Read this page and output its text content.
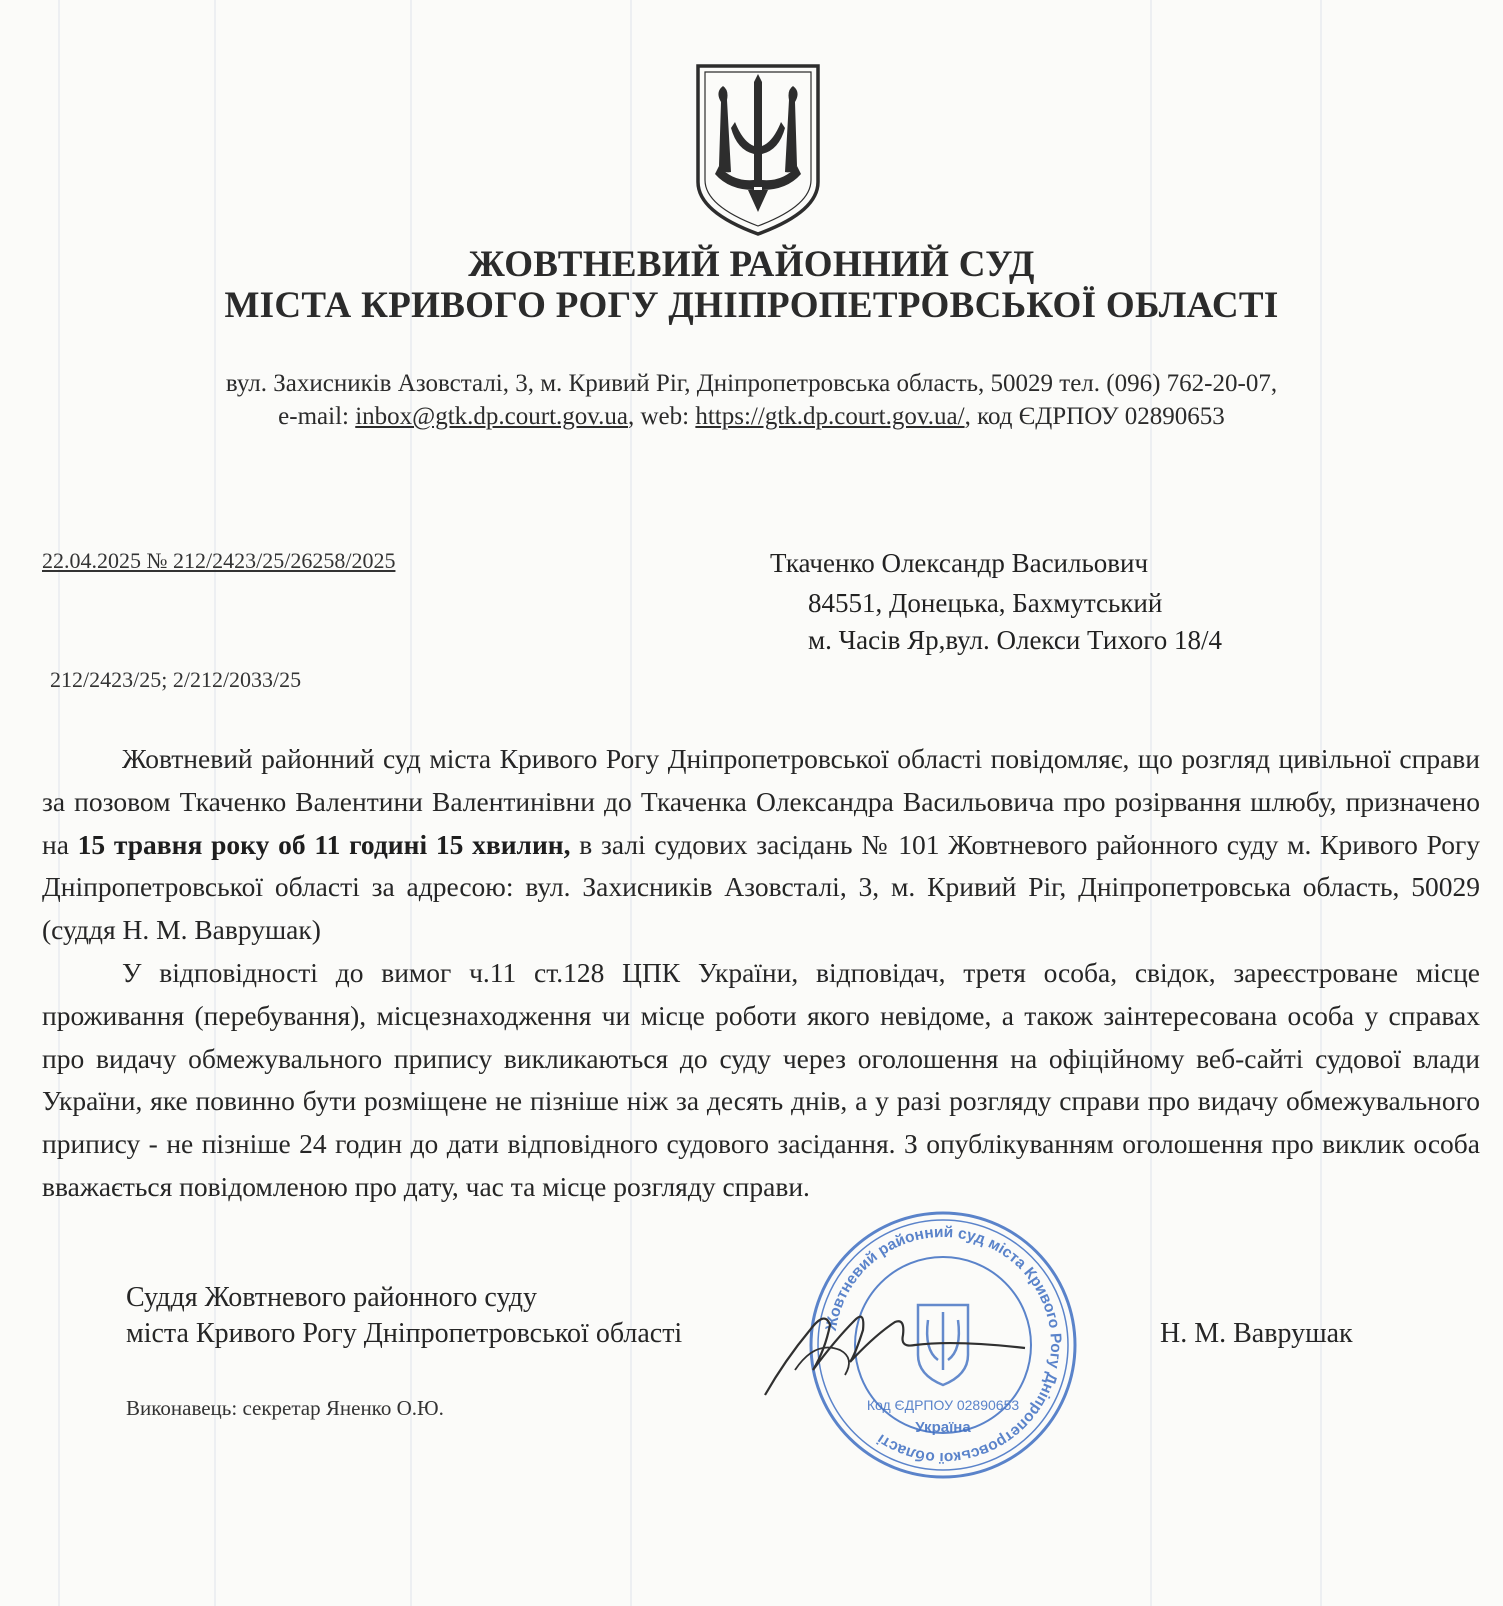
ЖОВТНЕВИЙ РАЙОННИЙ СУД
МІСТА КРИВОГО РОГУ ДНІПРОПЕТРОВСЬКОЇ ОБЛАСТІ
вул. Захисників Азовсталі, 3, м. Кривий Ріг, Дніпропетровська область, 50029 тел. (096) 762-20-07,
e-mail: inbox@gtk.dp.court.gov.ua, web: https://gtk.dp.court.gov.ua/, код ЄДРПОУ 02890653
22.04.2025 № 212/2423/25/26258/2025	Ткаченко Олександр Васильович
84551, Донецька, Бахмутський
м. Часів Яр,вул. Олекси Тихого 18/4
212/2423/25; 2/212/2033/25

Жовтневий районний суд міста Кривого Рогу Дніпропетровської області повідомляє, що розгляд цивільної справи за позовом Ткаченко Валентини Валентинівни до Ткаченка Олександра Васильовича про розірвання шлюбу, призначено на 15 травня року об 11 годині 15 хвилин, в залі судових засідань № 101 Жовтневого районного суду м. Кривого Рогу Дніпропетровської області за адресою: вул. Захисників Азовсталі, 3, м. Кривий Ріг, Дніпропетровська область, 50029 (суддя Н. М. Ваврушак)

У відповідності до вимог ч.11 ст.128 ЦПК України, відповідач, третя особа, свідок, зареєстроване місце проживання (перебування), місцезнаходження чи місце роботи якого невідоме, а також заінтересована особа у справах про видачу обмежувального припису викликаються до суду через оголошення на офіційному веб-сайті судової влади України, яке повинно бути розміщене не пізніше ніж за десять днів, а у разі розгляду справи про видачу обмежувального припису - не пізніше 24 годин до дати відповідного судового засідання. З опублікуванням оголошення про виклик особа вважається повідомленою про дату, час та місце розгляду справи.

Суддя Жовтневого районного суду
міста Кривого Рогу Дніпропетровської області	Н. М. Ваврушак
Виконавець: секретар Яненко О.Ю.
Жовтневий районний суд міста Кривого Рогу Дніпропетровської області
Код ЄДРПОУ 02890653
Україна
